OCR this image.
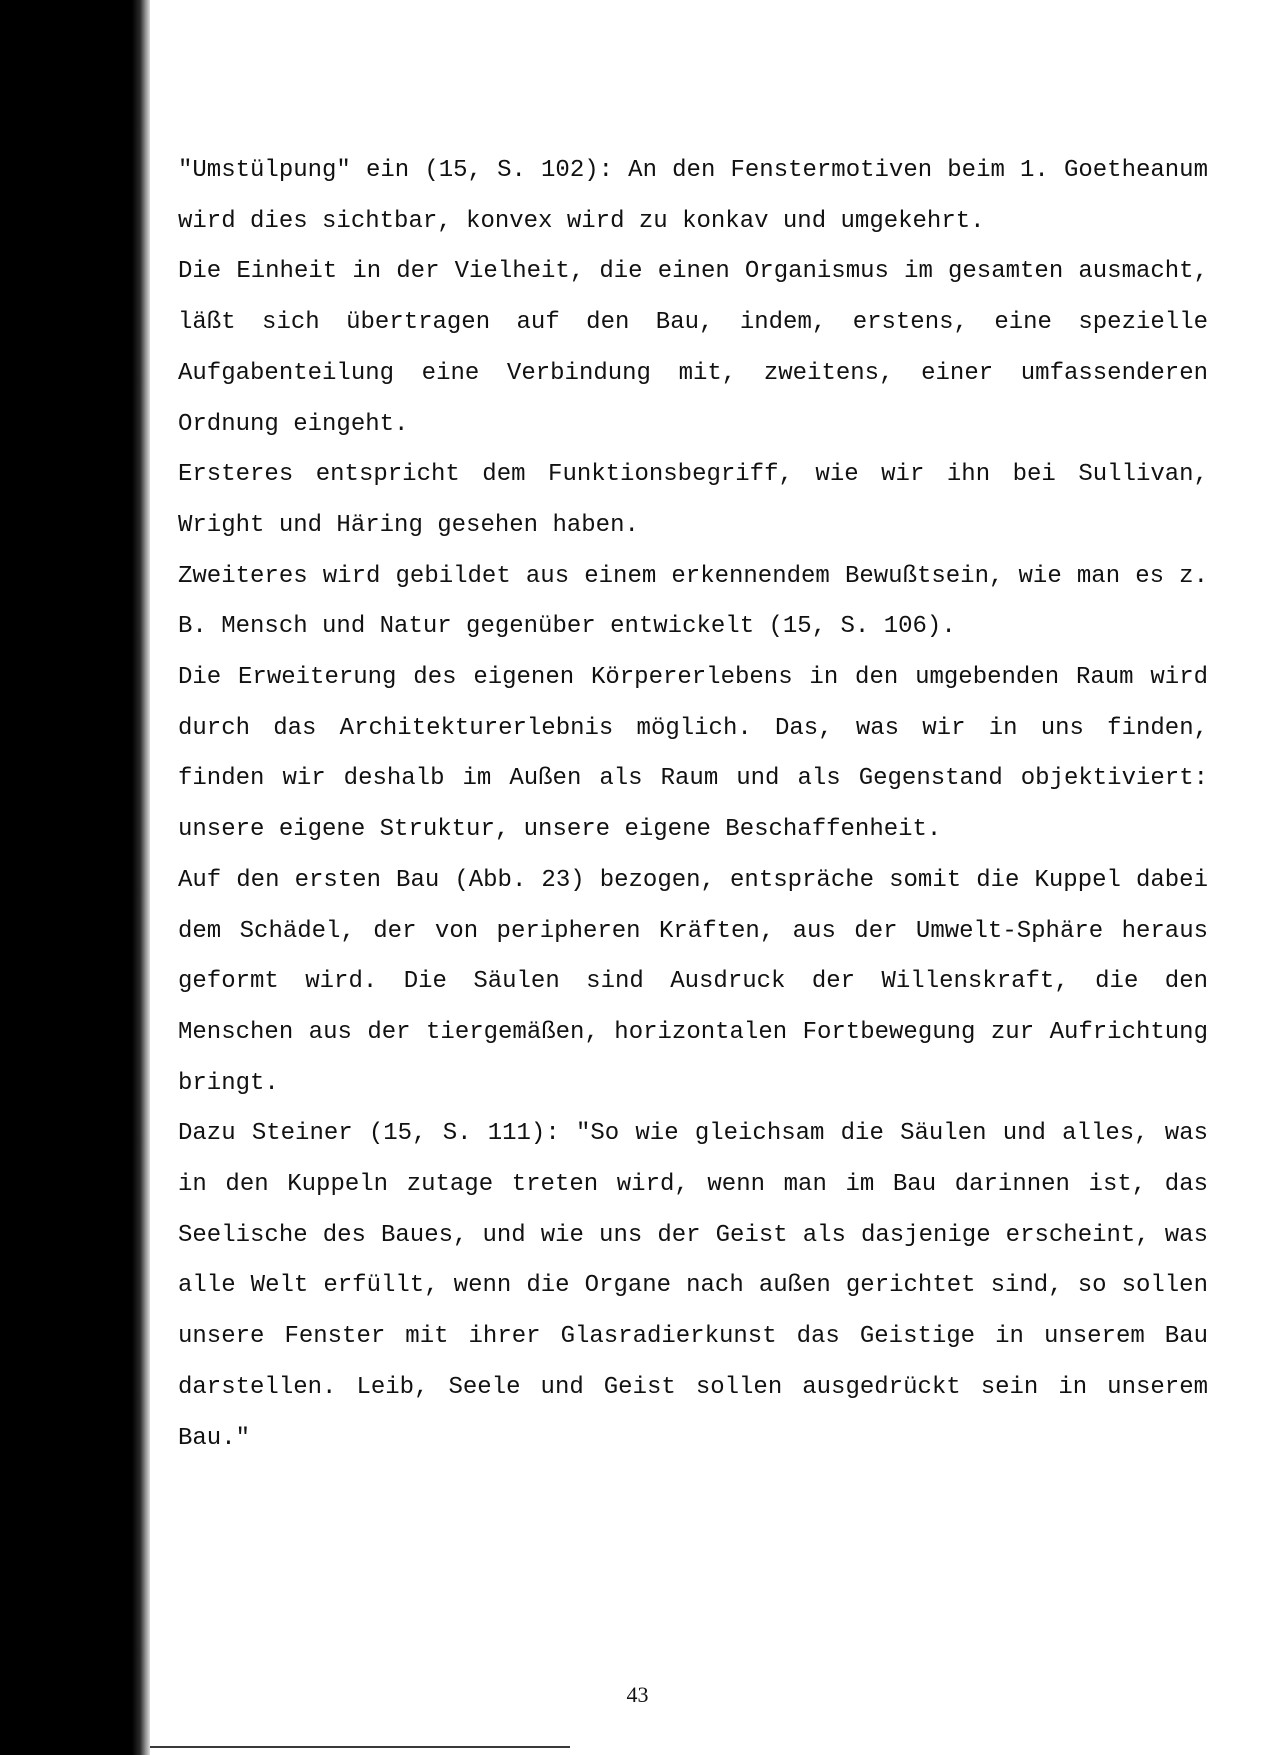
"Umstülpung" ein (15, S. 102): An den Fenstermotiven beim 1. Goetheanum wird dies sichtbar, konvex wird zu konkav und umgekehrt.

Die Einheit in der Vielheit, die einen Organismus im gesamten ausmacht, läßt sich übertragen auf den Bau, indem, erstens, eine spezielle Aufgabenteilung eine Verbindung mit, zweitens, einer umfassenderen Ordnung eingeht.

Ersteres entspricht dem Funktionsbegriff, wie wir ihn bei Sullivan, Wright und Häring gesehen haben.

Zweiteres wird gebildet aus einem erkennendem Bewußtsein, wie man es z. B. Mensch und Natur gegenüber entwickelt (15, S. 106).

Die Erweiterung des eigenen Körpererlebens in den umgebenden Raum wird durch das Architekturerlebnis möglich. Das, was wir in uns finden, finden wir deshalb im Außen als Raum und als Gegenstand objektiviert: unsere eigene Struktur, unsere eigene Beschaffenheit.

Auf den ersten Bau (Abb. 23) bezogen, entspräche somit die Kuppel dabei dem Schädel, der von peripheren Kräften, aus der Umwelt-Sphäre heraus geformt wird. Die Säulen sind Ausdruck der Willenskraft, die den Menschen aus der tiergemäßen, horizontalen Fortbewegung zur Aufrichtung bringt.

Dazu Steiner (15, S. 111): "So wie gleichsam die Säulen und alles, was in den Kuppeln zutage treten wird, wenn man im Bau darinnen ist, das Seelische des Baues, und wie uns der Geist als dasjenige erscheint, was alle Welt erfüllt, wenn die Organe nach außen gerichtet sind, so sollen unsere Fenster mit ihrer Glasradierkunst das Geistige in unserem Bau darstellen. Leib, Seele und Geist sollen ausgedrückt sein in unserem Bau."

43
